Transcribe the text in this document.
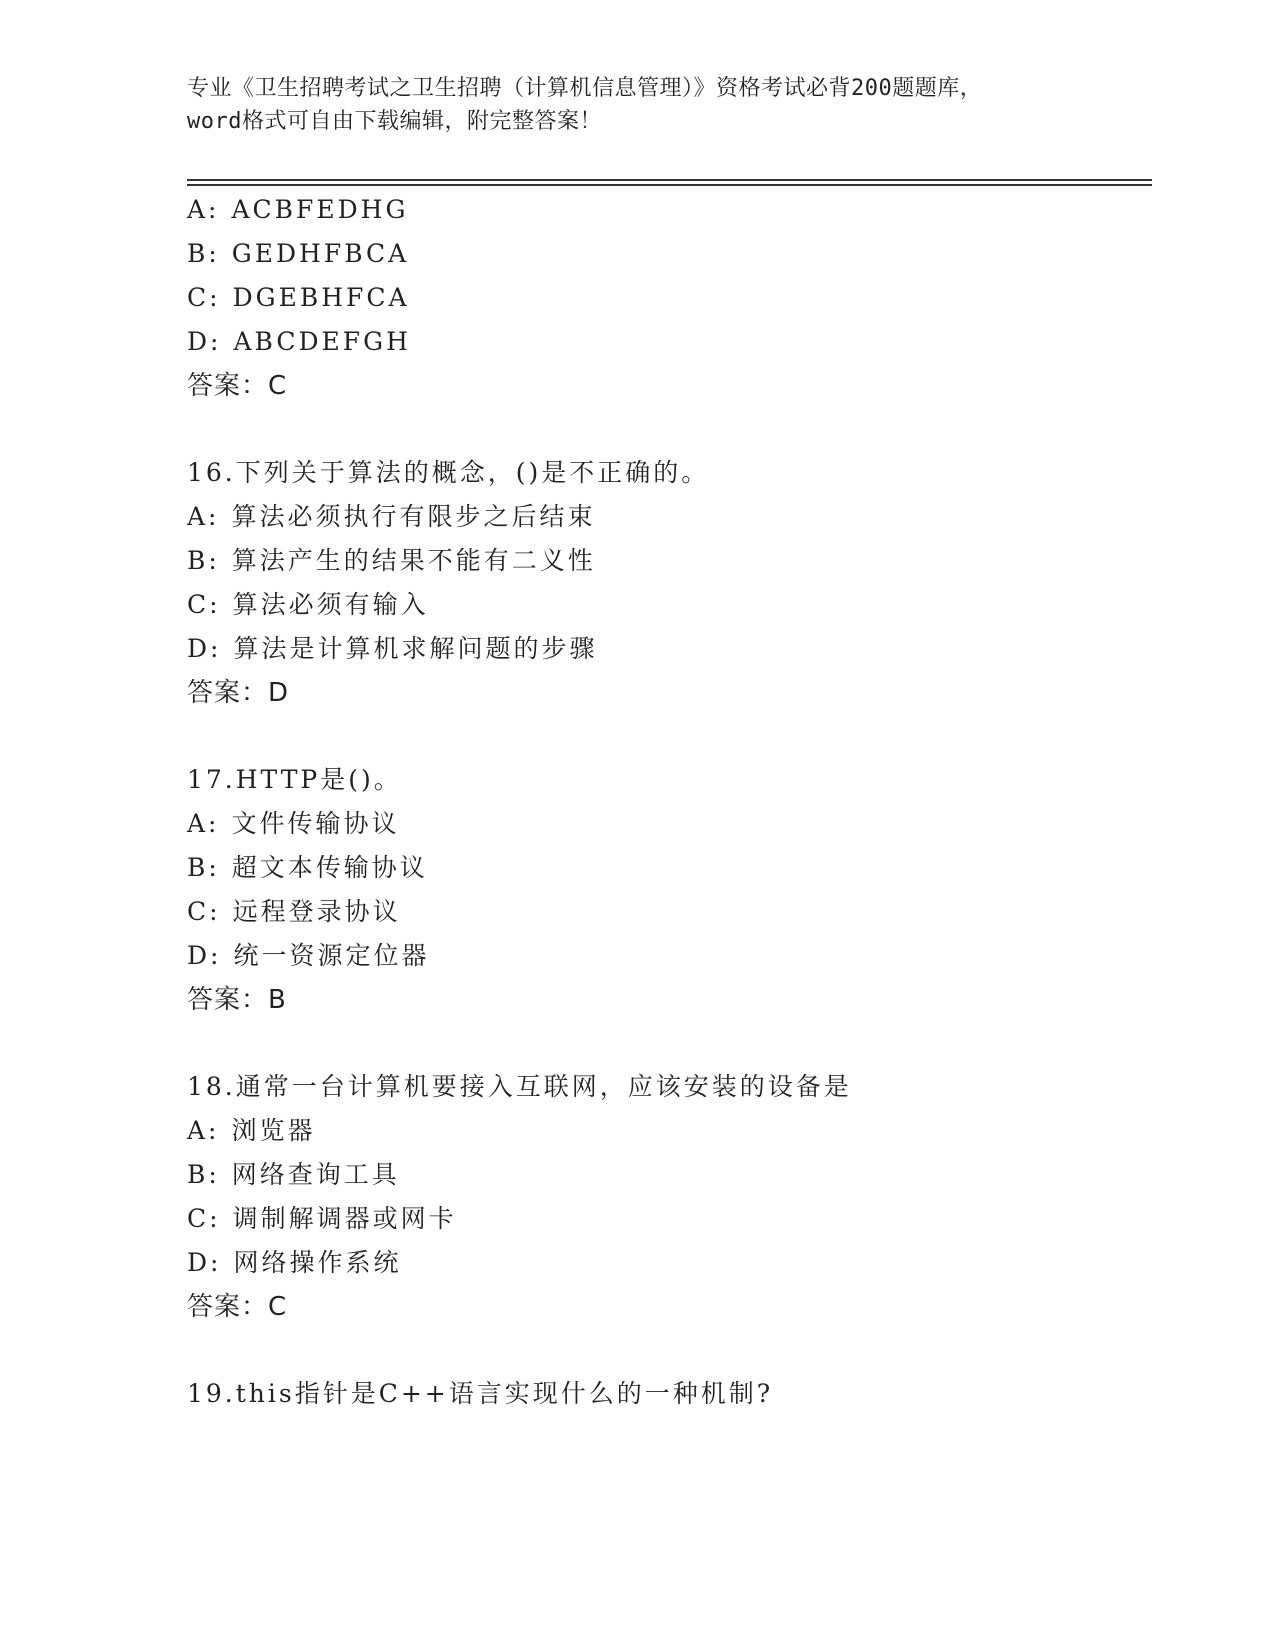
专业《卫生招聘考试之卫生招聘（计算机信息管理）》资格考试必背200题题库，
word格式可自由下载编辑，附完整答案！
A: ACBFEDHG
B: GEDHFBCA
C: DGEBHFCA
D: ABCDEFGH
答案：C
16.下列关于算法的概念，()是不正确的。
A: 算法必须执行有限步之后结束
B: 算法产生的结果不能有二义性
C: 算法必须有输入
D: 算法是计算机求解问题的步骤
答案：D
17.HTTP是()。
A: 文件传输协议
B: 超文本传输协议
C: 远程登录协议
D: 统一资源定位器
答案：B
18.通常一台计算机要接入互联网，应该安装的设备是
A: 浏览器
B: 网络查询工具
C: 调制解调器或网卡
D: 网络操作系统
答案：C
19.this指针是C++语言实现什么的一种机制?
